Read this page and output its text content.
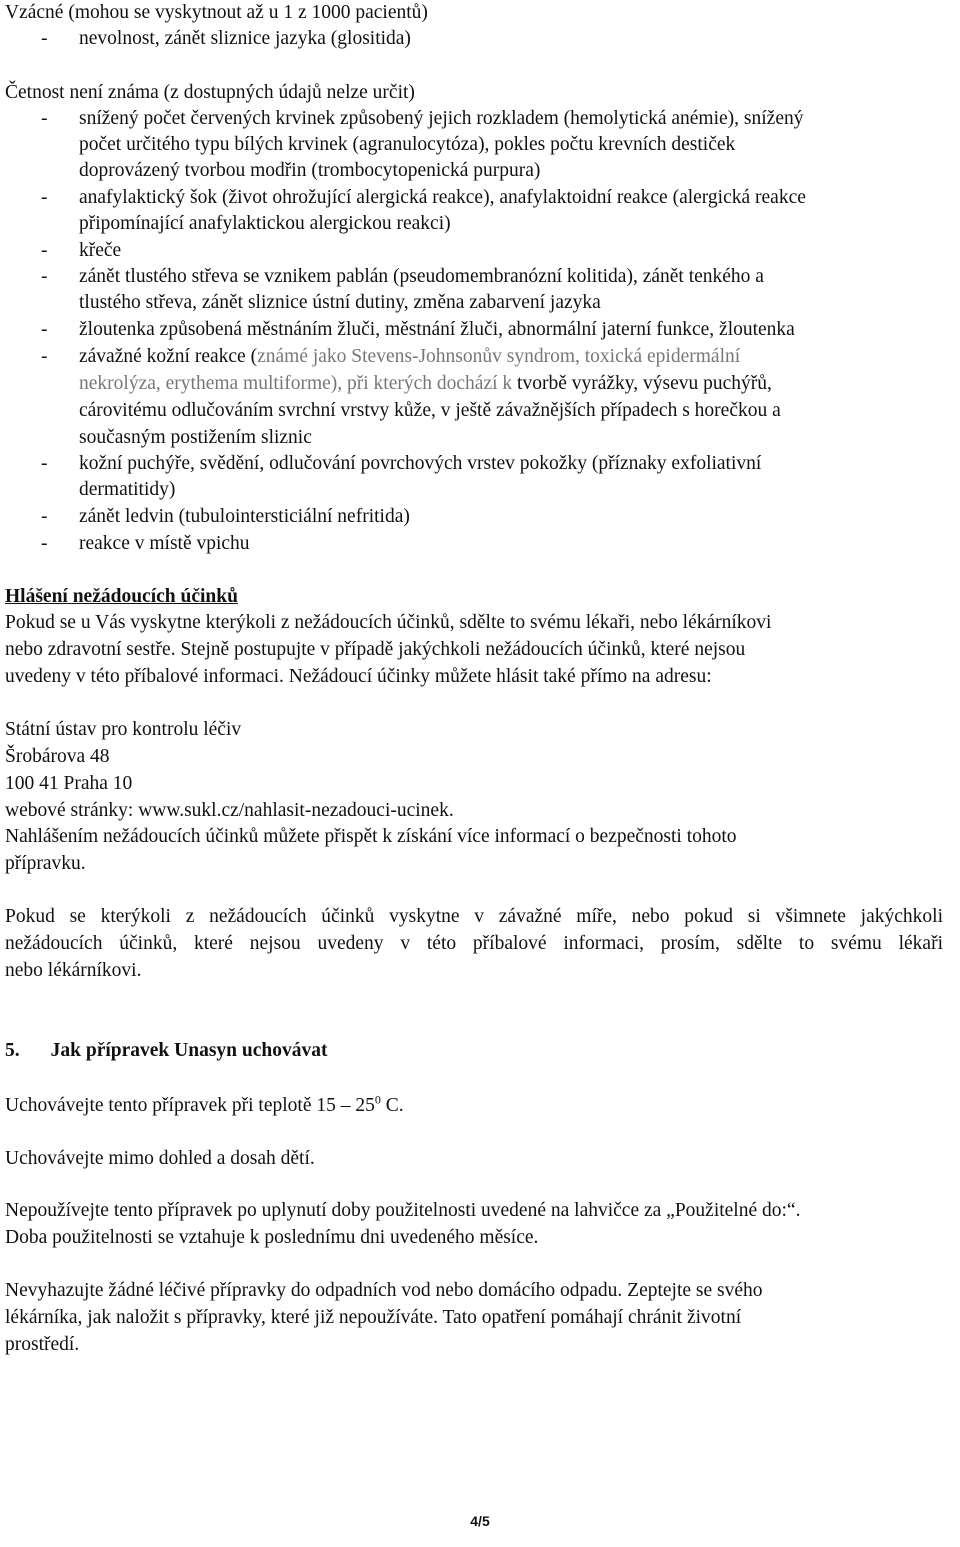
Vzácné (mohou se vyskytnout až u 1 z 1000 pacientů)
- nevolnost, zánět sliznice jazyka (glositida)
Četnost není známa (z dostupných údajů nelze určit)
- snížený počet červených krvinek způsobený jejich rozkladem (hemolytická anémie), snížený
počet určitého typu bílých krvinek (agranulocytóza), pokles počtu krevních destiček
doprovázený tvorbou modřin (trombocytopenická purpura)
- anafylaktický šok (život ohrožující alergická reakce), anafylaktoidní reakce (alergická reakce
připomínající anafylaktickou alergickou reakci)
- křeče
- zánět tlustého střeva se vznikem pablán (pseudomembranózní kolitida), zánět tenkého a
tlustého střeva, zánět sliznice ústní dutiny, změna zabarvení jazyka
- žloutenka způsobená městnáním žluči, městnání žluči, abnormální jaterní funkce, žloutenka
- závažné kožní reakce (známé jako Stevens-Johnsonův syndrom, toxická epidermální
nekrolýza, erythema multiforme), při kterých dochází k tvorbě vyrážky, výsevu puchýřů,
cárovitému odlučováním svrchní vrstvy kůže, v ještě závažnějších případech s horečkou a
současným postižením sliznic
- kožní puchýře, svědění, odlučování povrchových vrstev pokožky (příznaky exfoliativní
dermatitidy)
- zánět ledvin (tubulointersticiální nefritida)
- reakce v místě vpichu
Hlášení nežádoucích účinků
Pokud se u Vás vyskytne kterýkoli z nežádoucích účinků, sdělte to svému lékaři, nebo lékárníkovi
nebo zdravotní sestře. Stejně postupujte v případě jakýchkoli nežádoucích účinků, které nejsou
uvedeny v této příbalové informaci. Nežádoucí účinky můžete hlásit také přímo na adresu:
Státní ústav pro kontrolu léčiv
Šrobárova 48
100 41 Praha 10
webové stránky: www.sukl.cz/nahlasit-nezadouci-ucinek.
Nahlášením nežádoucích účinků můžete přispět k získání více informací o bezpečnosti tohoto
přípravku.
Pokud se kterýkoli z nežádoucích účinků vyskytne v závažné míře, nebo pokud si všimnete jakýchkoli
nežádoucích účinků, které nejsou uvedeny v této příbalové informaci, prosím, sdělte to svému lékaři
nebo lékárníkovi.
5. Jak přípravek Unasyn uchovávat
Uchovávejte tento přípravek při teplotě $15 - 25^0$ C.
Uchovávejte mimo dohled a dosah dětí.
Nepoužívejte tento přípravek po uplynutí doby použitelnosti uvedené na lahvičce za „Použitelné do:“.
Doba použitelnosti se vztahuje k poslednímu dni uvedeného měsíce.
Nevyhazujte žádné léčivé přípravky do odpadních vod nebo domácího odpadu. Zeptejte se svého
lékárníka, jak naložit s přípravky, které již nepoužíváte. Tato opatření pomáhají chránit životní
prostředí.
4/5
